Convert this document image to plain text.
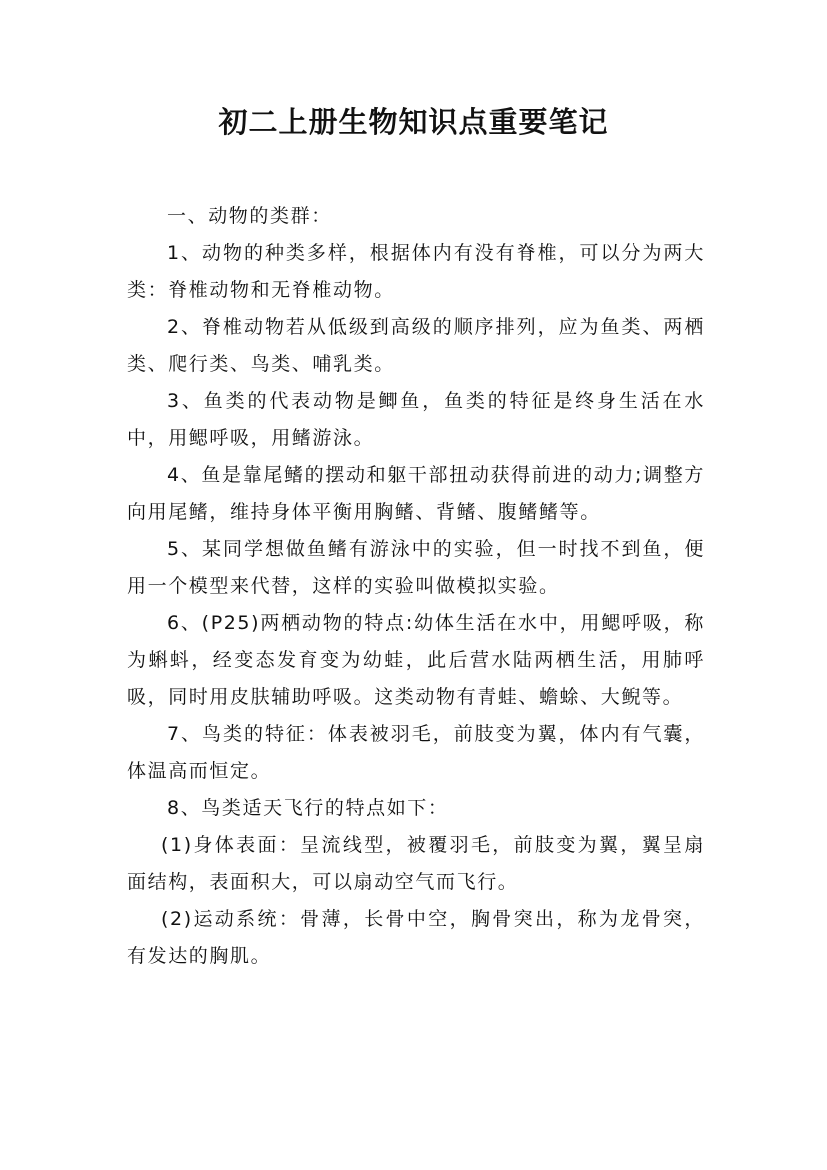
初二上册生物知识点重要笔记

一、动物的类群：

1、动物的种类多样，根据体内有没有脊椎，可以分为两大类：脊椎动物和无脊椎动物。

2、脊椎动物若从低级到高级的顺序排列，应为鱼类、两栖类、爬行类、鸟类、哺乳类。

3、鱼类的代表动物是鲫鱼，鱼类的特征是终身生活在水中，用鳃呼吸，用鳍游泳。

4、鱼是靠尾鳍的摆动和躯干部扭动获得前进的动力;调整方向用尾鳍，维持身体平衡用胸鳍、背鳍、腹鳍鳍等。

5、某同学想做鱼鳍有游泳中的实验，但一时找不到鱼，便用一个模型来代替，这样的实验叫做模拟实验。

6、(P25)两栖动物的特点:幼体生活在水中，用鳃呼吸，称为蝌蚪，经变态发育变为幼蛙，此后营水陆两栖生活，用肺呼吸，同时用皮肤辅助呼吸。这类动物有青蛙、蟾蜍、大鲵等。

7、鸟类的特征：体表被羽毛，前肢变为翼，体内有气囊，体温高而恒定。

8、鸟类适天飞行的特点如下：

(1)身体表面：呈流线型，被覆羽毛，前肢变为翼，翼呈扇面结构，表面积大，可以扇动空气而飞行。

(2)运动系统：骨薄，长骨中空，胸骨突出，称为龙骨突，有发达的胸肌。
